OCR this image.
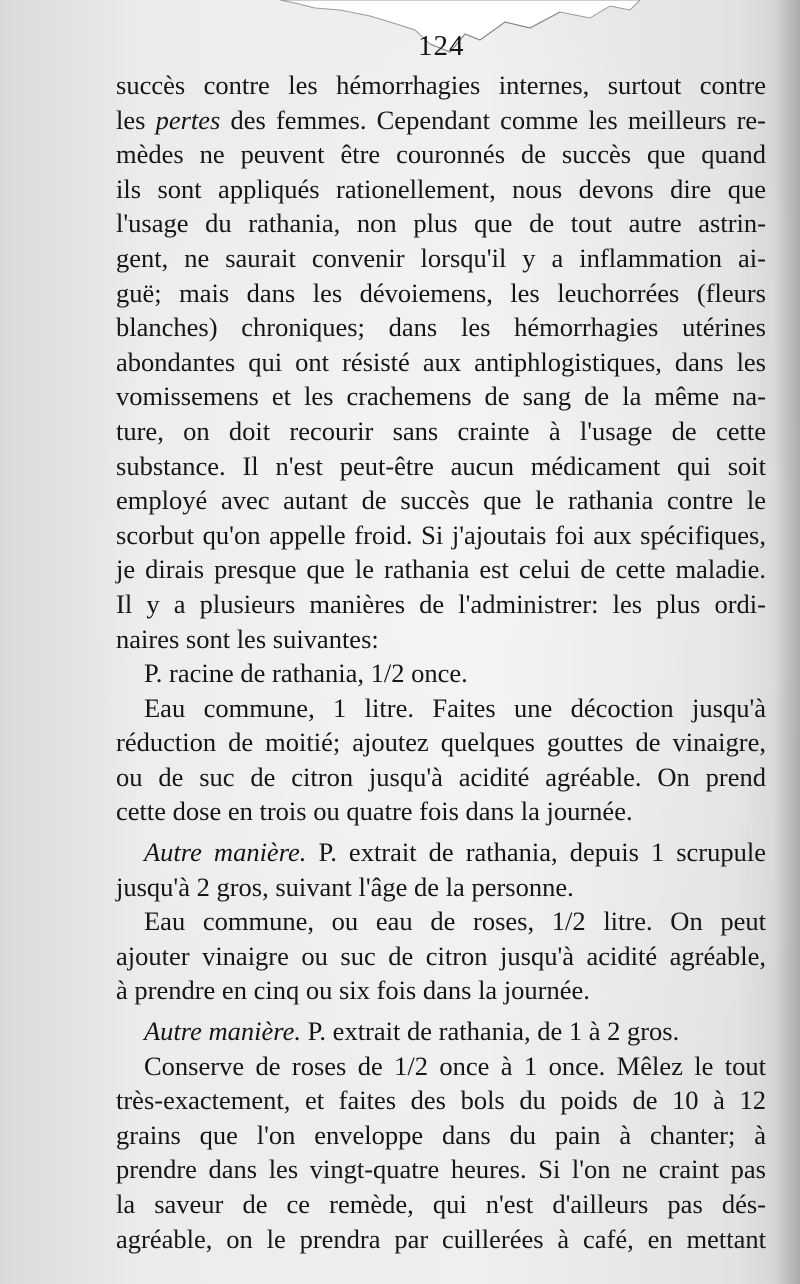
124
succès contre les hémorrhagies internes, surtout contre
les pertes des femmes. Cependant comme les meilleurs re-
mèdes ne peuvent être couronnés de succès que quand
ils sont appliqués rationellement, nous devons dire que
l'usage du rathania, non plus que de tout autre astrin-
gent, ne saurait convenir lorsqu'il y a inflammation ai-
guë; mais dans les dévoiemens, les leuchorrées (fleurs
blanches) chroniques; dans les hémorrhagies utérines
abondantes qui ont résisté aux antiphlogistiques, dans les
vomissemens et les crachemens de sang de la même na-
ture, on doit recourir sans crainte à l'usage de cette
substance. Il n'est peut-être aucun médicament qui soit
employé avec autant de succès que le rathania contre le
scorbut qu'on appelle froid. Si j'ajoutais foi aux spécifiques,
je dirais presque que le rathania est celui de cette maladie.
Il y a plusieurs manières de l'administrer: les plus ordi-
naires sont les suivantes:
P. racine de rathania, 1/2 once.
Eau commune, 1 litre. Faites une décoction jusqu'à
réduction de moitié; ajoutez quelques gouttes de vinaigre,
ou de suc de citron jusqu'à acidité agréable. On prend
cette dose en trois ou quatre fois dans la journée.
Autre manière. P. extrait de rathania, depuis 1 scrupule
jusqu'à 2 gros, suivant l'âge de la personne.
Eau commune, ou eau de roses, 1/2 litre. On peut
ajouter vinaigre ou suc de citron jusqu'à acidité agréable,
à prendre en cinq ou six fois dans la journée.
Autre manière. P. extrait de rathania, de 1 à 2 gros.
Conserve de roses de 1/2 once à 1 once. Mêlez le tout
très-exactement, et faites des bols du poids de 10 à 12
grains que l'on enveloppe dans du pain à chanter; à
prendre dans les vingt-quatre heures. Si l'on ne craint pas
la saveur de ce remède, qui n'est d'ailleurs pas dés-
agréable, on le prendra par cuillerées à café, en mettant
